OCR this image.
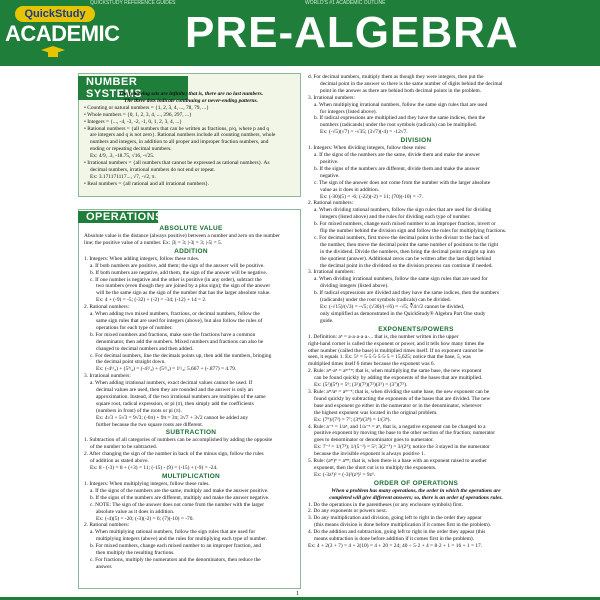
QUICKSTUDY REFERENCE GUIDES	WORLD'S #1 ACADEMIC OUTLINE
QuickStudy
ACADEMIC PRE-ALGEBRA
NUMBER SYSTEMS

The following sets are infinite; that is, there are no last numbers.

The three dots indicate continuing or never-ending patterns.

• Counting or natural numbers = {1, 2, 3, 4, ..., 78, 79, ...}

• Whole numbers = {0, 1, 2, 3, 4, ..., 296, 297, ...}

• Integers = {..., -4, -3, -2, -1, 0, 1, 2, 3, 4, ...}

• Rational numbers = {all numbers that can be written as fractions, p/q, where p and q

are integers and q is not zero}. Rational numbers include all counting numbers, whole

numbers and integers, in addition to all proper and improper fraction numbers, and

ending or repeating decimal numbers.

Ex: 4/9, .3, -18.75, √16, -√25.

• Irrational numbers = {all numbers that cannot be expressed as rational numbers}. As

decimal numbers, irrational numbers do not end or repeat.

Ex: 3.171171117..., √7, -√2, π.

• Real numbers = {all rational and all irrational numbers}.

OPERATIONS

ABSOLUTE VALUE

Absolute value is the distance (always positive) between a number and zero on the number

line; the positive value of a number. Ex: |3| = 3; |-3| = 3; |-5| = 5.

ADDITION

1. Integers: When adding integers, follow these rules.

a. If both numbers are positive, add them; the sign of the answer will be positive.

b. If both numbers are negative, add them, the sign of the answer will be negative.

c. If one number is negative and the other is positive (in any order), subtract the

two numbers (even though they are joined by a plus sign); the sign of the answer

will be the same sign as the sign of the number that has the larger absolute value.

Ex: 4 + (-9) = -5; (-32) + (-2) = -34; (-12) + 14 = 2.

2. Rational numbers:

a. When adding two mixed numbers, fractions, or decimal numbers, follow the

same sign rules that are used for integers (above), but also follow the rules of

operations for each type of number.

b. For mixed numbers and fractions, make sure the fractions have a common

denominator, then add the numbers. Mixed numbers and fractions can also be

changed to decimal numbers and then added.

c. For decimal numbers, line the decimals points up, then add the numbers, bringing

the decimal point straight down.

Ex: (-4¹/₂) + (5³/₄) = (-4²/₄) + (5³/₄) = 1¹/₄; 5.667 + (-.877) = 4.79.

3. Irrational numbers:

a. When adding irrational numbers, exact decimal values cannot be used. If

decimal values are used, then they are rounded and the answer is only an

approximation. Instead, if the two irrational numbers are multiples of the same

square root, radical expression, or pi (π), then simply add the coefficients

(numbers in front) of the roots or pi (π).

Ex: 4√3 + 5√3 = 9√3; (-6π) + 9π = 3π; 3√7 + 3√2 cannot be added any

further because the two square roots are different.

SUBTRACTION

1. Subtraction of all categories of numbers can be accomplished by adding the opposite

of the number to be subtracted.

2. After changing the sign of the number in back of the minus sign, follow the rules

of addition as stated above.

Ex: 8 - (-3) = 8 + (+3) = 11; (-15) - (9) = (-15) + (-9) = -24.

MULTIPLICATION

1. Integers: When multiplying integers, follow these rules.

a. If the signs of the numbers are the same, multiply and make the answer positive.

b. If the signs of the numbers are different, multiply and make the answer negative.

c. NOTE: The sign of the answer does not come from the number with the larger

absolute value as it does in addition.

Ex: (-4)(5) = -20; (-3)(-2) = 6; (7)(-10) = -70.

2. Rational numbers:

a. When multiplying rational numbers, follow the sign rules that are used for

multiplying integers (above) and the rules for multiplying each type of number.

b. For mixed numbers, change each mixed number to an improper fraction, and

then multiply the resulting fractions.

c. For fractions, multiply the numerators and the denominators, then reduce the

answer.

d. For decimal numbers, multiply them as though they were integers, then put the

decimal point in the answer so there is the same number of digits behind the decimal

point in the answer as there are behind both decimal points in the problem.

3. Irrational numbers:

a. When multiplying irrational numbers, follow the same sign rules that are used

for integers (listed above).

b. If radical expressions are multiplied and they have the same indices, then the

numbers (radicands) under the root symbols (radicals) can be multiplied.

Ex: (-√5)(√7) = -√35; (3√7)(-4) = -12√7.

DIVISION

1. Integers: When dividing integers, follow these rules:

a. If the signs of the numbers are the same, divide them and make the answer

positive.

b. If the signs of the numbers are different, divide them and make the answer

negative.

c. The sign of the answer does not come from the number with the larger absolute

value as it does in addition.

Ex: (-30)(5) = -6; (-22)(-2) = 11; (70)(-10) = -7.

2. Rational numbers:

a. When dividing rational numbers, follow the sign rules that are used for dividing

integers (listed above) and the rules for dividing each type of number.

b. For mixed numbers, change each mixed number to an improper fraction, invert or

flip the number behind the division sign and follow the rules for multiplying fractions.

c. For decimal numbers, first move the decimal point in the divisor to the back of

the number, then move the decimal point the same number of positions to the right

in the dividend. Divide the numbers, then bring the decimal point straight up into

the quotient (answer). Additional zeros can be written after the last digit behind

the decimal point in the dividend so the division process can continue if needed.

3. Irrational numbers:

a. When dividing irrational numbers, follow the same sign rules that are used for

dividing integers (listed above).

b. If radical expressions are divided and they have the same indices, then the numbers

(radicands) under the root symbols (radicals) can be divided.

Ex: (-√15)/(√3) = -√5; (√30)/(-√6) = -√5; ∛4/√2 cannot be divided,

only simplified as demonstrated in the QuickStudy® Algebra Part One study

guide.

EXPONENTS/POWERS

1. Definition: aⁿ = a·a·a·a·a·... that is, the number written in the upper

right-hand corner is called the exponent or power, and it tells how many times the

other number (called the base) is multiplied times itself. If no exponent cannot be

seen, it equals 1. Ex: 5⁶ = 5·5·5·5·5·5 = 15,625; notice that the base, 5, was

multiplied times itself 6 times because the exponent was 6.

2. Rule: aᵐ·aⁿ = aᵐ⁺ⁿ; that is, when multiplying the same base, the new exponent

can be found quickly by adding the exponents of the bases that are multiplied.

Ex: (5²)(5⁴) = 5⁶; (3²)(7³)(7²)(3⁵) = (3⁷)(7⁵).

3. Rule: aᵐ/aⁿ = aᵐ⁻ⁿ; that is, when dividing the same base, the new exponent can be

found quickly by subtracting the exponents of the bases that are divided. The new

base and exponent go either in the numerator or in the denominator, wherever

the highest exponent was located in the original problem.

Ex: (7⁹)/(7²) = 7⁷; (3⁴)/(3⁸) = 1/(3⁴).

4. Rule: a⁻ⁿ = 1/aⁿ, and 1/a⁻ⁿ = aⁿ, that is, a negative exponent can be changed to a

positive exponent by moving the base to the other section of the fraction; numerator

goes to denominator or denominator goes to numerator.

Ex: 7⁻³ = 1/(7³); 1/(5⁻²) = 5²; 3(2⁻³) = 3/(2³); notice the 3 stayed in the numerator

because the invisible exponent is always positive 1.

5. Rule: (aᵐ)ⁿ = aᵐⁿ; that is, when there is a base with an exponent raised to another

exponent, then the short cut is to multiply the exponents.

Ex: (-3z³)² = (-3)²(z³)² = 9z⁶.

ORDER OF OPERATIONS

When a problem has many operations, the order in which the operations are

completed will give different answers; so, there is an order of operations rules.

1. Do the operations in the parentheses (or any enclosure symbols) first.

2. Do any exponents or powers next.

3. Do any multiplication and division, going left to right in the order they appear

(this means division is done before multiplication if it comes first in the problem).

4. Do the addition and subtraction, going left to right in the order they appear (this

means subtraction is done before addition if it comes first in the problem).

Ex: 4 + 2(3 + 7) = 4 + 2(10) = 4 + 20 = 24; 40 ÷ 5·2 + 4 = 8·2 + 1 = 16 + 1 = 17.

1
